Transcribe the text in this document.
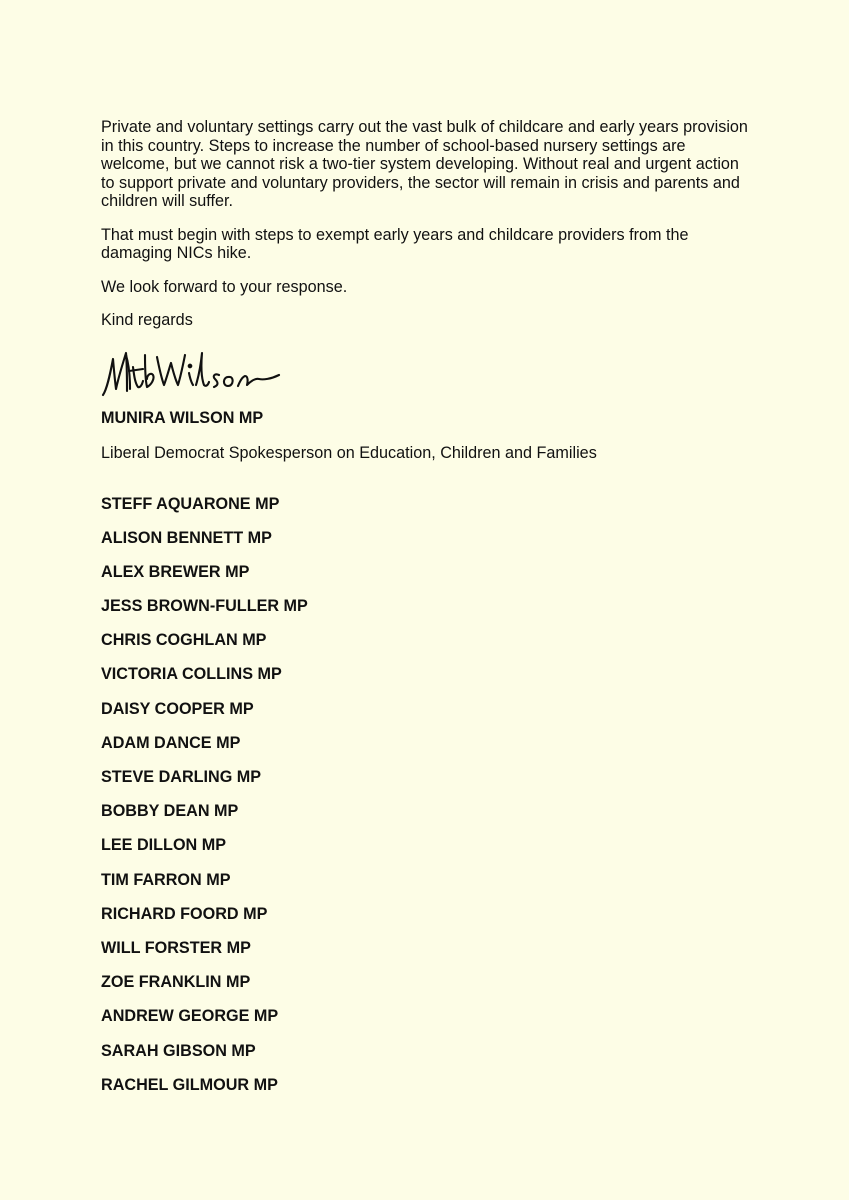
Private and voluntary settings carry out the vast bulk of childcare and early years provision in this country. Steps to increase the number of school-based nursery settings are welcome, but we cannot risk a two-tier system developing. Without real and urgent action to support private and voluntary providers, the sector will remain in crisis and parents and children will suffer.

That must begin with steps to exempt early years and childcare providers from the damaging NICs hike.

We look forward to your response.

Kind regards

MUNIRA WILSON MP
Liberal Democrat Spokesperson on Education, Children and Families
STEFF AQUARONE MP
ALISON BENNETT MP
ALEX BREWER MP
JESS BROWN-FULLER MP
CHRIS COGHLAN MP
VICTORIA COLLINS MP
DAISY COOPER MP
ADAM DANCE MP
STEVE DARLING MP
BOBBY DEAN MP
LEE DILLON MP
TIM FARRON MP
RICHARD FOORD MP
WILL FORSTER MP
ZOE FRANKLIN MP
ANDREW GEORGE MP
SARAH GIBSON MP
RACHEL GILMOUR MP
